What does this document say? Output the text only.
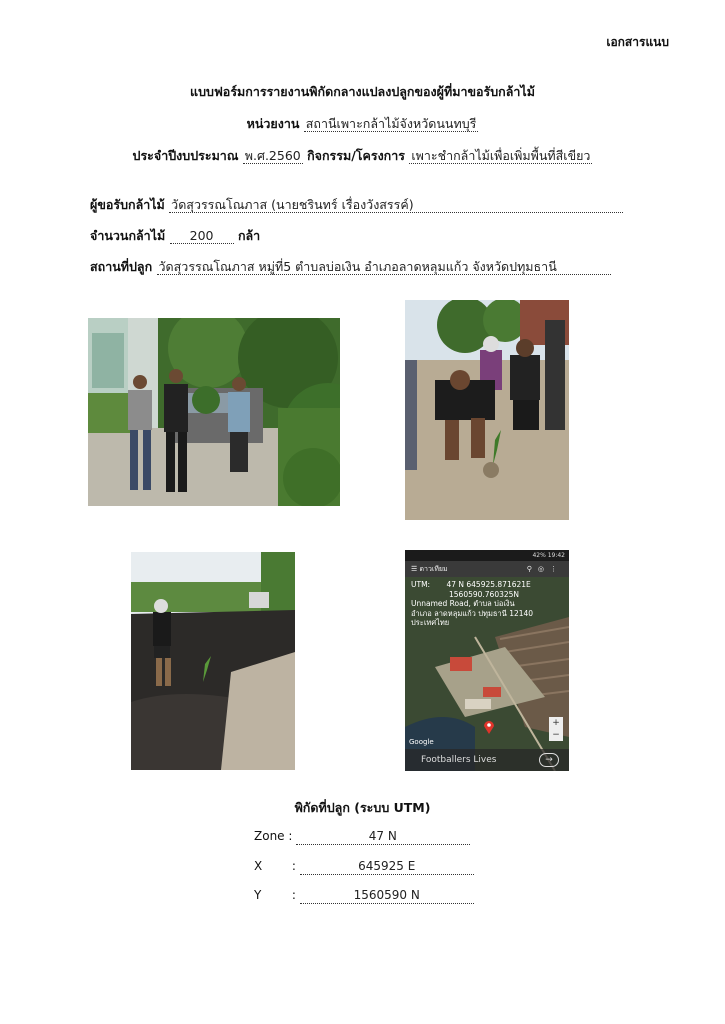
เอกสารแนบ
แบบฟอร์มการรายงานพิกัดกลางแปลงปลูกของผู้ที่มาขอรับกล้าไม้
หน่วยงาน สถานีเพาะกล้าไม้จังหวัดนนทบุรี
ประจำปีงบประมาณ พ.ศ.2560 กิจกรรม/โครงการ เพาะชำกล้าไม้เพื่อเพิ่มพื้นที่สีเขียว
ผู้ขอรับกล้าไม้ วัดสุวรรณโณภาส (นายชรินทร์ เรื่องวังสรรค์)
จำนวนกล้าไม้ 200 กล้า
สถานที่ปลูก วัดสุวรรณโณภาส หมู่ที่5 ตำบลบ่อเงิน อำเภอลาดหลุมแก้ว จังหวัดปทุมธานี
42% 19:42
☰ ดาวเทียม	⚲◎⋮
UTM: 47 N 645925.871621E
1560590.760325N
Unnamed Road, ตำบล บ่อเงิน
อำเภอ ลาดหลุมแก้ว ปทุมธานี 12140
ประเทศไทย
+
−
Google
Footballers Lives	→
พิกัดที่ปลูก (ระบบ UTM)
Zone :	47 N
X :	645925 E
Y	:	1560590 N
